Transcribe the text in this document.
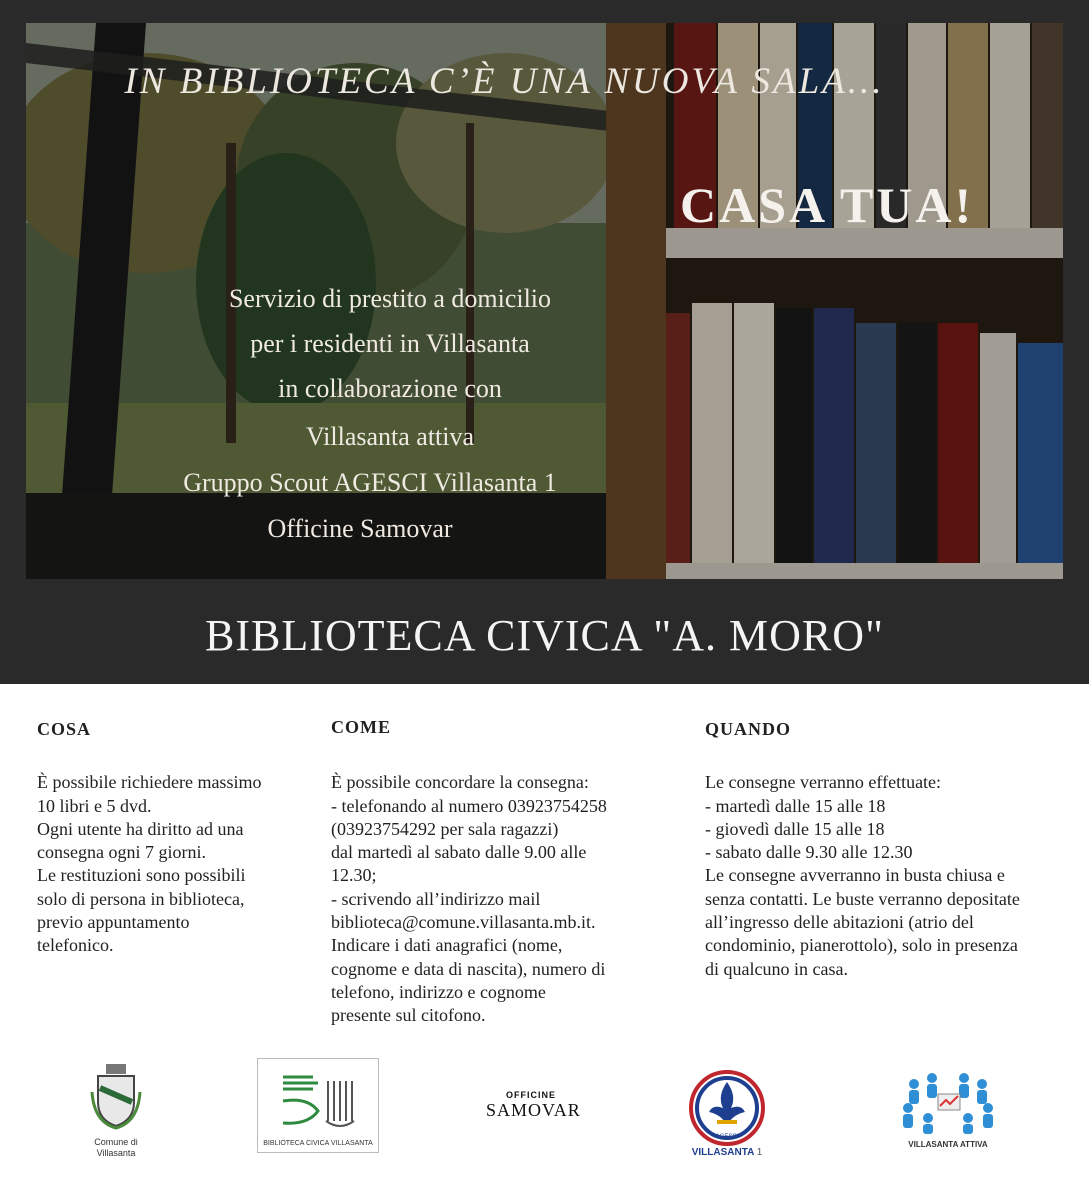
IN BIBLIOTECA C’È UNA NUOVA SALA...
CASA TUA!
Servizio di prestito a domicilio
per i residenti in Villasanta
in collaborazione con
Villasanta attiva
Gruppo Scout AGESCI Villasanta 1
Officine Samovar
BIBLIOTECA CIVICA "A. MORO"
COSA

È possibile richiedere massimo
10 libri e 5 dvd.
Ogni utente ha diritto ad una
consegna ogni 7 giorni.
Le restituzioni sono possibili
solo di persona in biblioteca,
previo appuntamento
telefonico.

COME

È possibile concordare la consegna:
- telefonando al numero 03923754258
(03923754292 per sala ragazzi)
dal martedì al sabato dalle 9.00 alle
12.30;
- scrivendo all’indirizzo mail
biblioteca@comune.villasanta.mb.it.
Indicare i dati anagrafici (nome,
cognome e data di nascita), numero di
telefono, indirizzo e cognome
presente sul citofono.

QUANDO

Le consegne verranno effettuate:
- martedì dalle 15 alle 18
- giovedì dalle 15 alle 18
- sabato dalle 9.30 alle 12.30
Le consegne avverranno in busta chiusa e
senza contatti. Le buste verranno depositate
all’ingresso delle abitazioni (atrio del
condominio, pianerottolo), solo in presenza
di qualcuno in casa.

Comune di
Villasanta
BIBLIOTECA CIVICA VILLASANTA
OFFICINE
SAMOVAR
AGESCI
VILLASANTA 1
VILLASANTA ATTIVA
